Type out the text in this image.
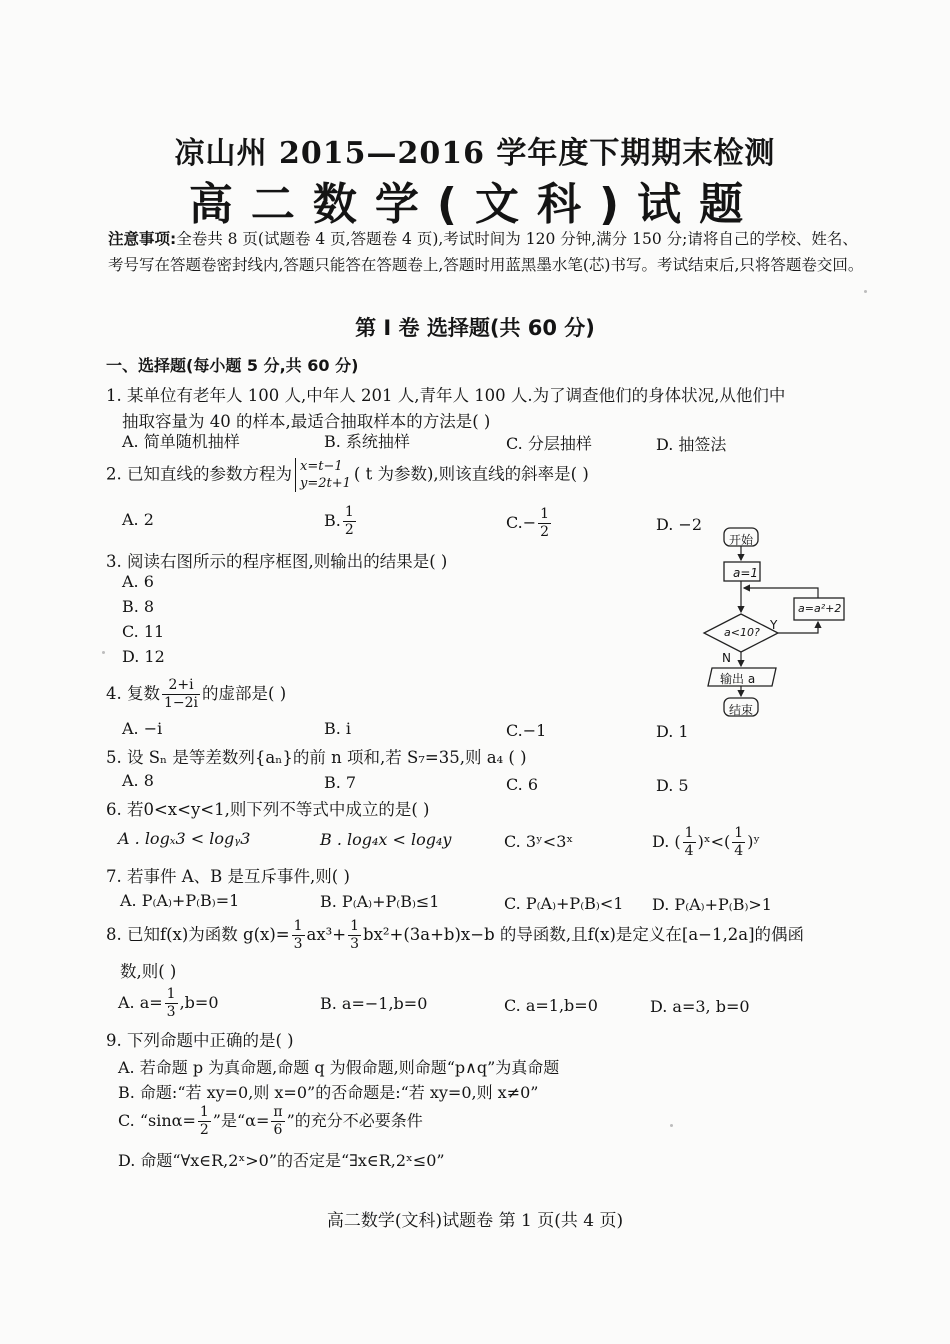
凉山州 2015—2016 学年度下期期末检测
高二数学(文科)试题
注意事项:全卷共 8 页(试题卷 4 页,答题卷 4 页),考试时间为 120 分钟,满分 150 分;请将自己的学校、姓名、考号写在答题卷密封线内,答题只能答在答题卷上,答题时用蓝黑墨水笔(芯)书写。考试结束后,只将答题卷交回。
第 Ⅰ 卷 选择题(共 60 分)
一、选择题(每小题 5 分,共 60 分)
1. 某单位有老年人 100 人,中年人 201 人,青年人 100 人.为了调查他们的身体状况,从他们中
抽取容量为 40 的样本,最适合抽取样本的方法是( )
A. 简单随机抽样	B. 系统抽样	C. 分层抽样	D. 抽签法
2. 已知直线的参数方程为 x=t−1
y=2t+1 ( t 为参数),则该直线的斜率是( )
A. 2	B. $\frac{1}{2}$	$C.- \frac{1}{2}$	D. −2
3. 阅读右图所示的程序框图,则输出的结果是( )
A. 6
B. 8
C. 11
D. 12
开始
a=1
a=a²+2
a<10?
Y
N
输出 a
结束
4. 复数 $\frac{2+i}{1-2i}$ 的虚部是( )
A. −i	B. i	C.−1	D. 1
5. 设 Sₙ 是等差数列{aₙ}的前 n 项和,若 S₇=35,则 a₄ ( )
A. 8	B. 7	C. 6	D. 5
6. 若0<x<y<1,则下列不等式中成立的是( )
A . logₓ3 < logᵧ3	B . log₄x < log₄y	C. 3ʸ<3ˣ	D. ( $\frac{1}{4}$ )ˣ<( $\frac{1}{4}$ )ʸ
7. 若事件 A、B 是互斥事件,则( )
A. P₍A₎+P₍B₎=1	B. P₍A₎+P₍B₎≤1	C. P₍A₎+P₍B₎<1 D. P₍A₎+P₍B₎>1
8. 已知f(x)为函数 $g(x)= \frac{1}{3} ax^3+ \frac{1}{3} bx^2+(3a+b)x-b$ 的导函数,且f(x)是定义在[a−1,2a]的偶函
数,则( )
A. $a= \frac{1}{3} ,b=0$	B. a=−1,b=0	C. a=1,b=0	D. a=3, b=0
9. 下列命题中正确的是( )
A. 若命题 p 为真命题,命题 q 为假命题,则命题“p∧q”为真命题
B. 命题:“若 xy=0,则 x=0”的否命题是:“若 xy=0,则 x≠0”
C. “$\sin\alpha= \frac{1}{2}$ ”是“$\alpha= \frac{\pi}{6}$ ”的充分不必要条件
D. 命题“∀x∈R,2ˣ>0”的否定是“∃x∈R,2ˣ≤0”
高二数学(文科)试题卷 第 1 页(共 4 页)
